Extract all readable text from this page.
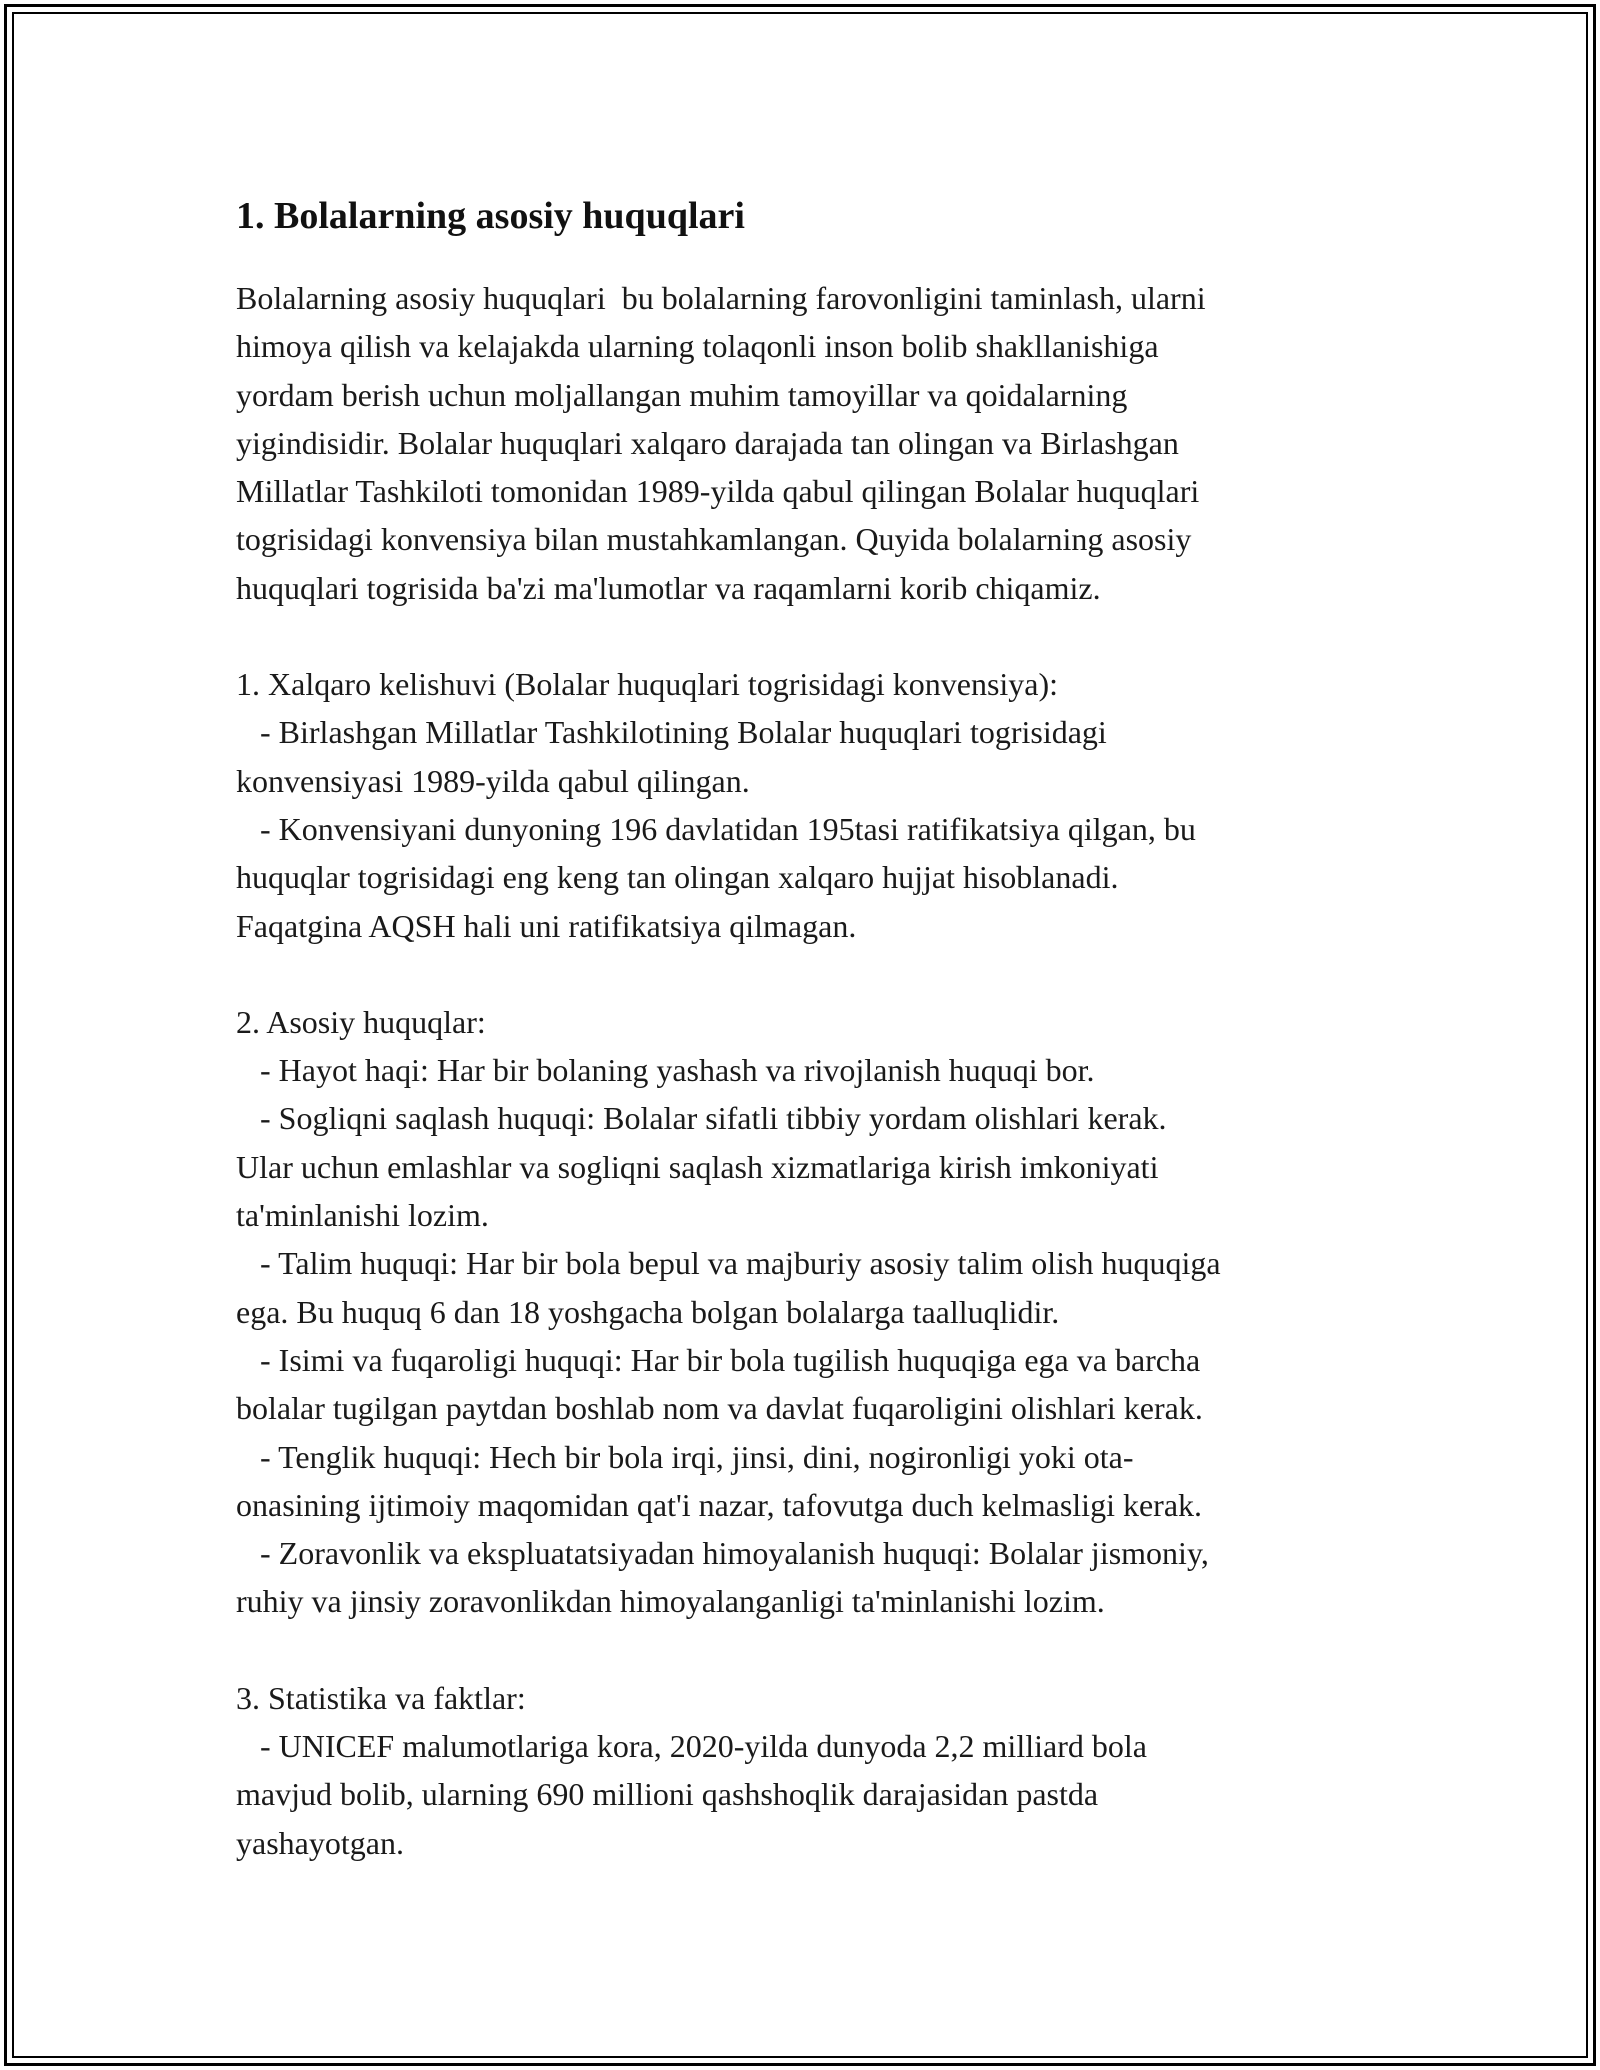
1. Bolalarning asosiy huquqlari

Bolalarning asosiy huquqlari  bu bolalarning farovonligini taminlash, ularni
himoya qilish va kelajakda ularning tolaqonli inson bolib shakllanishiga
yordam berish uchun moljallangan muhim tamoyillar va qoidalarning
yigindisidir. Bolalar huquqlari xalqaro darajada tan olingan va Birlashgan
Millatlar Tashkiloti tomonidan 1989-yilda qabul qilingan Bolalar huquqlari
togrisidagi konvensiya bilan mustahkamlangan. Quyida bolalarning asosiy
huquqlari togrisida ba'zi ma'lumotlar va raqamlarni korib chiqamiz.

1. Xalqaro kelishuvi (Bolalar huquqlari togrisidagi konvensiya):
- Birlashgan Millatlar Tashkilotining Bolalar huquqlari togrisidagi
konvensiyasi 1989-yilda qabul qilingan.
- Konvensiyani dunyoning 196 davlatidan 195tasi ratifikatsiya qilgan, bu
huquqlar togrisidagi eng keng tan olingan xalqaro hujjat hisoblanadi.
Faqatgina AQSH hali uni ratifikatsiya qilmagan.

2. Asosiy huquqlar:
- Hayot haqi: Har bir bolaning yashash va rivojlanish huquqi bor.
- Sogliqni saqlash huquqi: Bolalar sifatli tibbiy yordam olishlari kerak.
Ular uchun emlashlar va sogliqni saqlash xizmatlariga kirish imkoniyati
ta'minlanishi lozim.
- Talim huquqi: Har bir bola bepul va majburiy asosiy talim olish huquqiga
ega. Bu huquq 6 dan 18 yoshgacha bolgan bolalarga taalluqlidir.
- Isimi va fuqaroligi huquqi: Har bir bola tugilish huquqiga ega va barcha
bolalar tugilgan paytdan boshlab nom va davlat fuqaroligini olishlari kerak.
- Tenglik huquqi: Hech bir bola irqi, jinsi, dini, nogironligi yoki ota-
onasining ijtimoiy maqomidan qat'i nazar, tafovutga duch kelmasligi kerak.
- Zoravonlik va ekspluatatsiyadan himoyalanish huquqi: Bolalar jismoniy,
ruhiy va jinsiy zoravonlikdan himoyalanganligi ta'minlanishi lozim.

3. Statistika va faktlar:
- UNICEF malumotlariga kora, 2020-yilda dunyoda 2,2 milliard bola
mavjud bolib, ularning 690 millioni qashshoqlik darajasidan pastda
yashayotgan.
